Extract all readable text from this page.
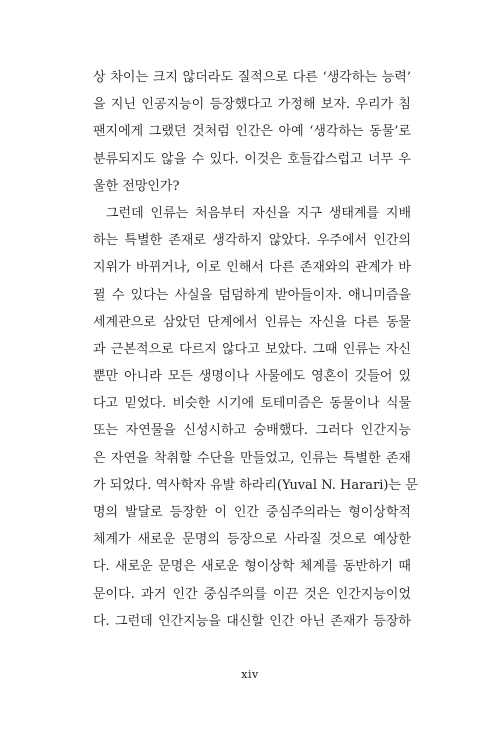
상 차이는 크지 않더라도 질적으로 다른 ‘생각하는 능력’
을 지닌 인공지능이 등장했다고 가정해 보자. 우리가 침
팬지에게 그랬던 것처럼 인간은 아예 ‘생각하는 동물’로
분류되지도 않을 수 있다. 이것은 호들갑스럽고 너무 우
울한 전망인가?
그런데 인류는 처음부터 자신을 지구 생태계를 지배
하는 특별한 존재로 생각하지 않았다. 우주에서 인간의
지위가 바뀌거나, 이로 인해서 다른 존재와의 관계가 바
뀔 수 있다는 사실을 덤덤하게 받아들이자. 애니미즘을
세계관으로 삼았던 단계에서 인류는 자신을 다른 동물
과 근본적으로 다르지 않다고 보았다. 그때 인류는 자신
뿐만 아니라 모든 생명이나 사물에도 영혼이 깃들어 있
다고 믿었다. 비슷한 시기에 토테미즘은 동물이나 식물
또는 자연물을 신성시하고 숭배했다. 그러다 인간지능
은 자연을 착취할 수단을 만들었고, 인류는 특별한 존재
가 되었다. 역사학자 유발 하라리(Yuval N. Harari)는 문
명의 발달로 등장한 이 인간 중심주의라는 형이상학적
체계가 새로운 문명의 등장으로 사라질 것으로 예상한
다. 새로운 문명은 새로운 형이상학 체계를 동반하기 때
문이다. 과거 인간 중심주의를 이끈 것은 인간지능이었
다. 그런데 인간지능을 대신할 인간 아닌 존재가 등장하
xiv
